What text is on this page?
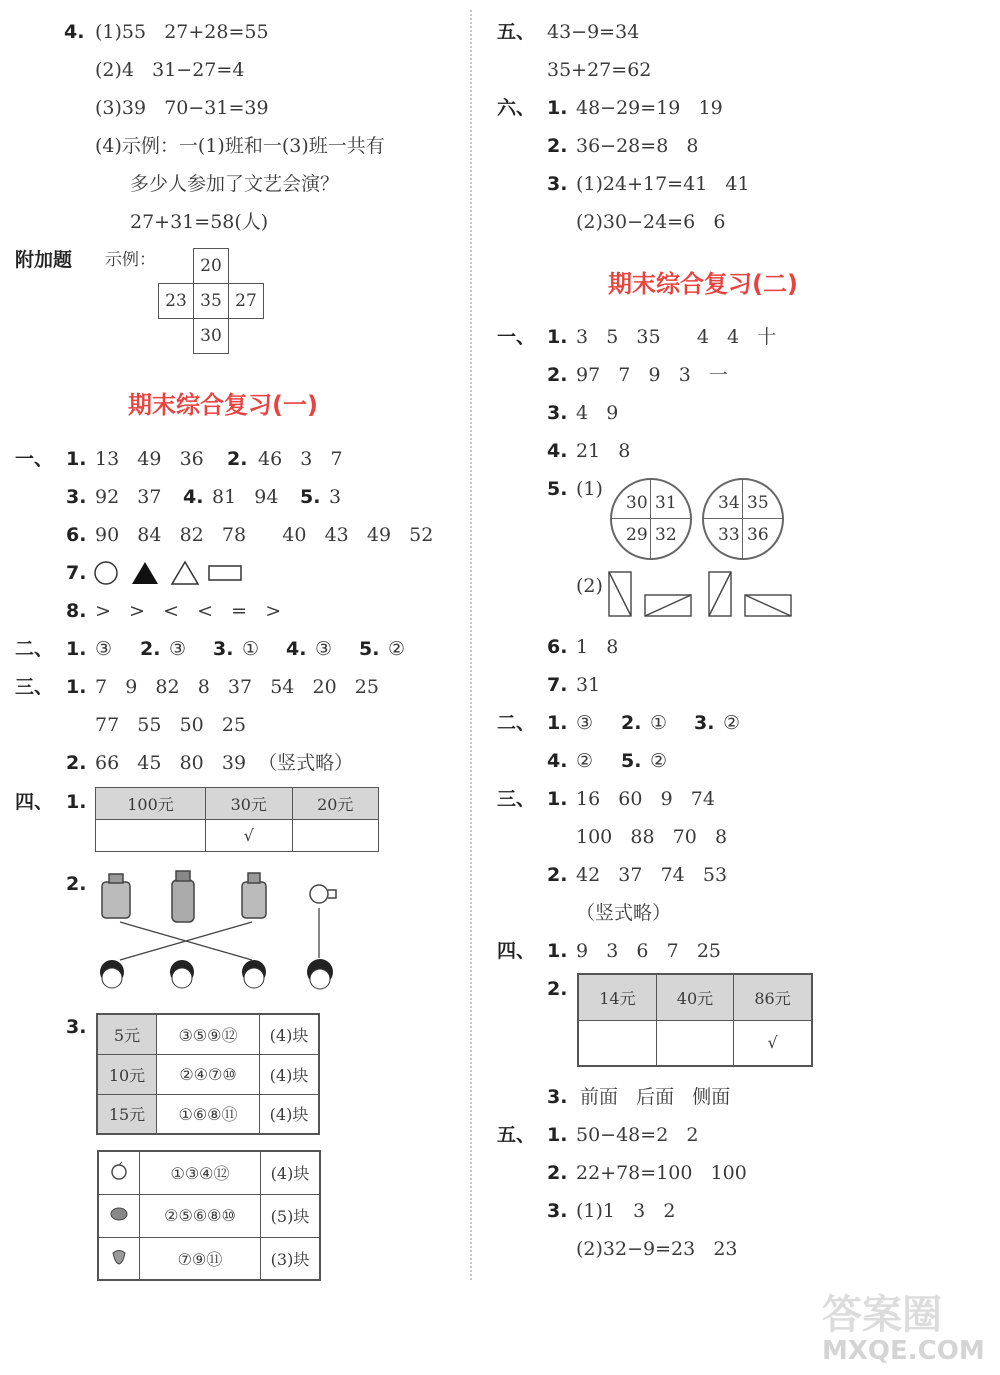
4. (1)55   27+28=55
(2)4   31−27=4
(3)39   70−31=39
(4)示例：一(1)班和一(3)班一共有
多少人参加了文艺会演？
27+31=58(人)
附加题 示例：
		20	
23	35	27
	30	
期末综合复习(一)
一、 1. 13   49   36 2. 46   3   7
3. 92   37 4. 81   94 5. 3
6. 90   84   82   78      40   43   49   52
7.
8. >   >   <   <   =   >
二、 1. ③ 2. ③ 3. ① 4. ③ 5. ②
三、 1. 7   9   82   8   37   54   20   25
77   55   50   25
2. 66   45   80   39  （竖式略）
四、 1.	100元	30元	20元
	√	
2.
3. 5元	③⑤⑨⑫	(4)块
10元	②④⑦⑩	(4)块
15元	①⑥⑧⑪	(4)块
	①③④⑫	(4)块
	②⑤⑥⑧⑩	(5)块
	⑦⑨⑪	(3)块
五、 43−9=34
35+27=62
六、 1. 48−29=19   19
2. 36−28=8   8
3. (1)24+17=41   41
(2)30−24=6   6
期末综合复习(二)
一、 1. 3   5   35      4   4   十
2. 97   7   9   3   一
3. 4   9
4. 21   8
5. (1)
30 31
29 32
34 35
33 36
(2)
6. 1   8
7. 31
二、 1. ③ 2. ① 3. ②
4. ② 5. ②
三、 1. 16   60   9   74
100   88   70   8
2. 42   37   74   53
（竖式略）
四、 1. 9   3   6   7   25
2. 14元	40元	86元
		√
3. 前面   后面   侧面
五、 1. 50−48=2   2
2. 22+78=100   100
3. (1)1   3   2
(2)32−9=23   23
答案圈
MXQE.COM
